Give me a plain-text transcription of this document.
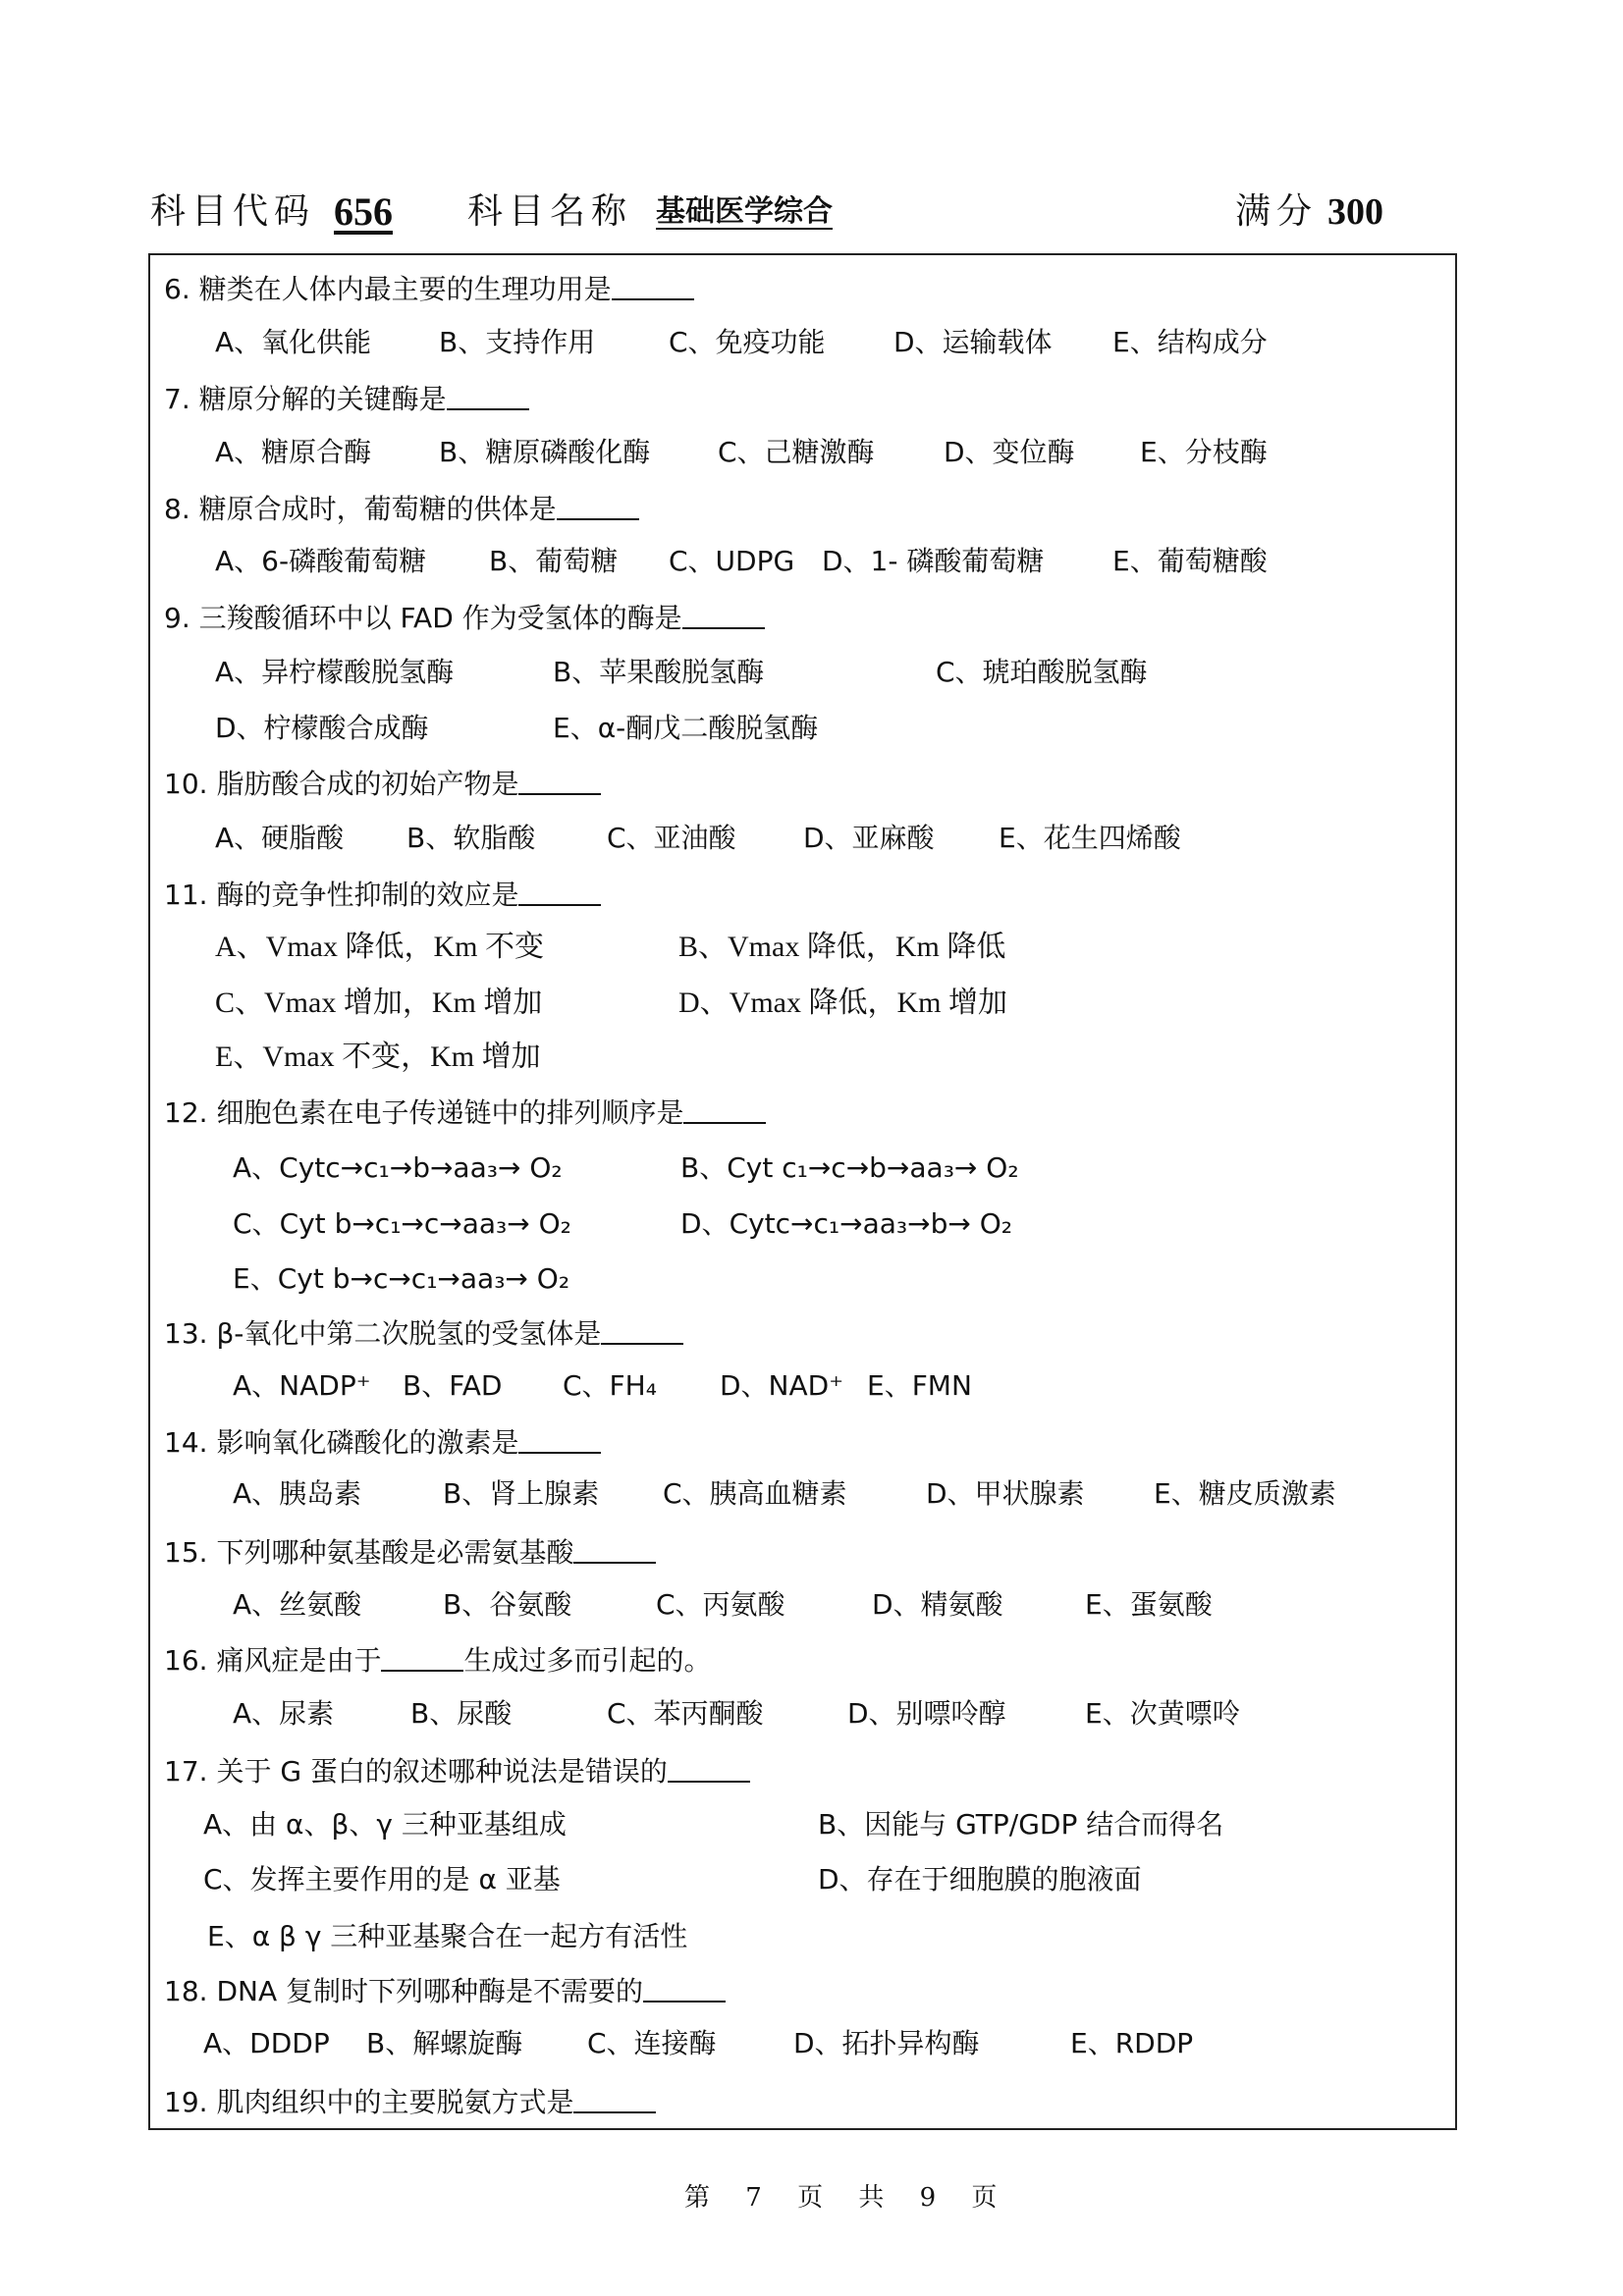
科目代码 656 科目名称 基础医学综合	满分 300
6. 糖类在人体内最主要的生理功用是
A、氧化供能 B、支持作用	C、免疫功能 D、运输载体 E、结构成分
7. 糖原分解的关键酶是
A、糖原合酶 B、糖原磷酸化酶 C、己糖激酶	D、变位酶 E、分枝酶
8. 糖原合成时，葡萄糖的供体是
A、6-磷酸葡萄糖 B、葡萄糖 C、UDPG D、1- 磷酸葡萄糖 E、葡萄糖酸
9. 三羧酸循环中以 FAD 作为受氢体的酶是
A、异柠檬酸脱氢酶	B、苹果酸脱氢酶	C、琥珀酸脱氢酶
D、柠檬酸合成酶	E、α-酮戊二酸脱氢酶
10. 脂肪酸合成的初始产物是
A、硬脂酸 B、软脂酸	C、亚油酸 D、亚麻酸 E、花生四烯酸
11. 酶的竞争性抑制的效应是
A、Vmax 降低，Km 不变	B、Vmax 降低，Km 降低
C、Vmax 增加，Km 增加	D、Vmax 降低，Km 增加
E、Vmax 不变，Km 增加
12. 细胞色素在电子传递链中的排列顺序是
A、Cytc→c₁→b→aa₃→ O₂	B、Cyt c₁→c→b→aa₃→ O₂
C、Cyt b→c₁→c→aa₃→ O₂	D、Cytc→c₁→aa₃→b→ O₂
E、Cyt b→c→c₁→aa₃→ O₂
13. β-氧化中第二次脱氢的受氢体是
A、NADP⁺ B、FAD C、FH₄ D、NAD⁺ E、FMN
14. 影响氧化磷酸化的激素是
A、胰岛素	B、肾上腺素 C、胰高血糖素	D、甲状腺素	E、糖皮质激素
15. 下列哪种氨基酸是必需氨基酸
A、丝氨酸	B、谷氨酸	C、丙氨酸	D、精氨酸	E、蛋氨酸
16. 痛风症是由于	生成过多而引起的。
A、尿素	B、尿酸	C、苯丙酮酸	D、别嘌呤醇	E、次黄嘌呤
17. 关于 G 蛋白的叙述哪种说法是错误的
A、由 α、β、γ 三种亚基组成	B、因能与 GTP/GDP 结合而得名
C、发挥主要作用的是 α 亚基	D、存在于细胞膜的胞液面
E、α β γ 三种亚基聚合在一起方有活性
18. DNA 复制时下列哪种酶是不需要的
A、DDDP B、解螺旋酶 C、连接酶	D、拓扑异构酶	E、RDDP
19. 肌肉组织中的主要脱氨方式是
第 7 页 共 9 页
